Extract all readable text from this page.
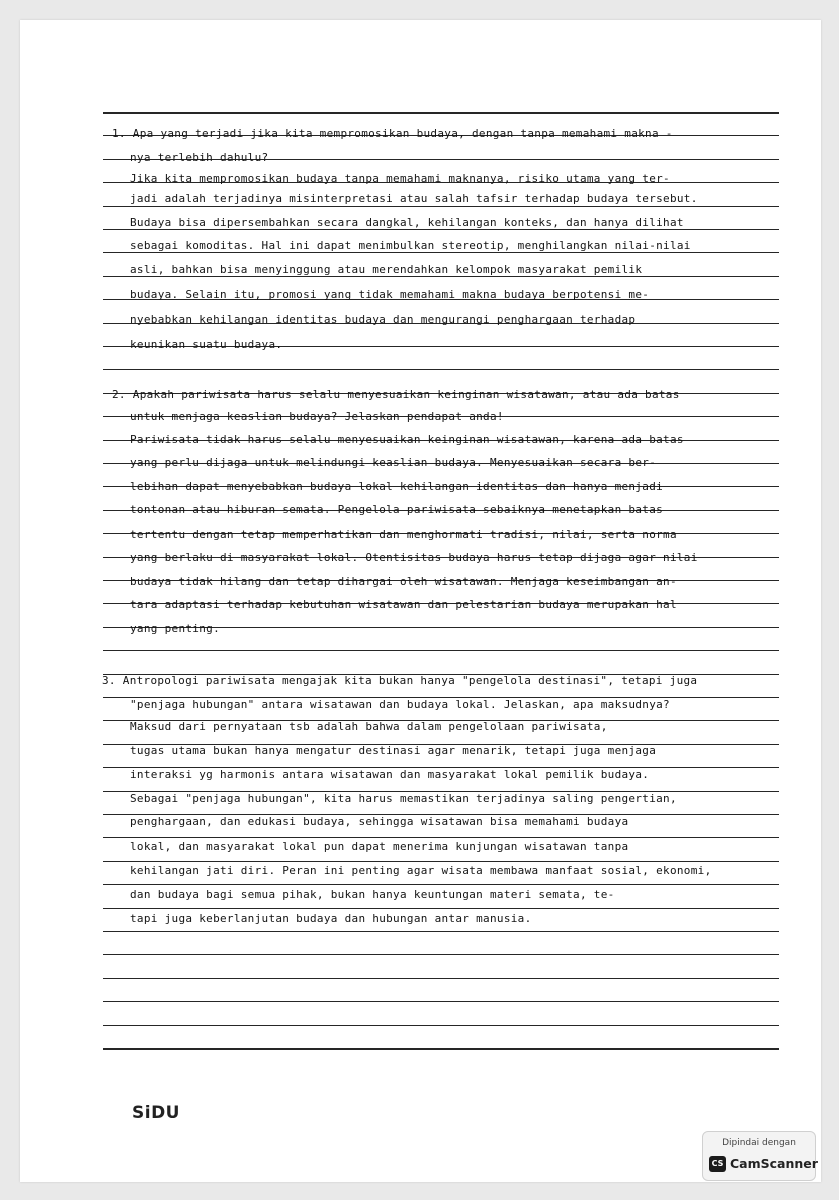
1. Apa yang terjadi jika kita mempromosikan budaya, dengan tanpa memahami makna -
nya terlebih dahulu?
Jika kita mempromosikan budaya tanpa memahami maknanya, risiko utama yang ter-
jadi adalah terjadinya misinterpretasi atau salah tafsir terhadap budaya tersebut.
Budaya bisa dipersembahkan secara dangkal, kehilangan konteks, dan hanya dilihat
sebagai komoditas. Hal ini dapat menimbulkan stereotip, menghilangkan nilai-nilai
asli, bahkan bisa menyinggung atau merendahkan kelompok masyarakat pemilik
budaya. Selain itu, promosi yang tidak memahami makna budaya berpotensi me-
nyebabkan kehilangan identitas budaya dan mengurangi penghargaan terhadap
keunikan suatu budaya.
2. Apakah pariwisata harus selalu menyesuaikan keinginan wisatawan, atau ada batas
untuk menjaga keaslian budaya? Jelaskan pendapat anda!
Pariwisata tidak harus selalu menyesuaikan keinginan wisatawan, karena ada batas
yang perlu dijaga untuk melindungi keaslian budaya. Menyesuaikan secara ber-
lebihan dapat menyebabkan budaya lokal kehilangan identitas dan hanya menjadi
tontonan atau hiburan semata. Pengelola pariwisata sebaiknya menetapkan batas
tertentu dengan tetap memperhatikan dan menghormati tradisi, nilai, serta norma
yang berlaku di masyarakat lokal. Otentisitas budaya harus tetap dijaga agar nilai
budaya tidak hilang dan tetap dihargai oleh wisatawan. Menjaga keseimbangan an-
tara adaptasi terhadap kebutuhan wisatawan dan pelestarian budaya merupakan hal
yang penting.
3. Antropologi pariwisata mengajak kita bukan hanya "pengelola destinasi", tetapi juga
"penjaga hubungan" antara wisatawan dan budaya lokal. Jelaskan, apa maksudnya?
Maksud dari pernyataan tsb adalah bahwa dalam pengelolaan pariwisata,
tugas utama bukan hanya mengatur destinasi agar menarik, tetapi juga menjaga
interaksi yg harmonis antara wisatawan dan masyarakat lokal pemilik budaya.
Sebagai "penjaga hubungan", kita harus memastikan terjadinya saling pengertian,
penghargaan, dan edukasi budaya, sehingga wisatawan bisa memahami budaya
lokal, dan masyarakat lokal pun dapat menerima kunjungan wisatawan tanpa
kehilangan jati diri. Peran ini penting agar wisata membawa manfaat sosial, ekonomi,
dan budaya bagi semua pihak, bukan hanya keuntungan materi semata, te-
tapi juga keberlanjutan budaya dan hubungan antar manusia.
SiDU
Dipindai dengan
CS CamScanner
